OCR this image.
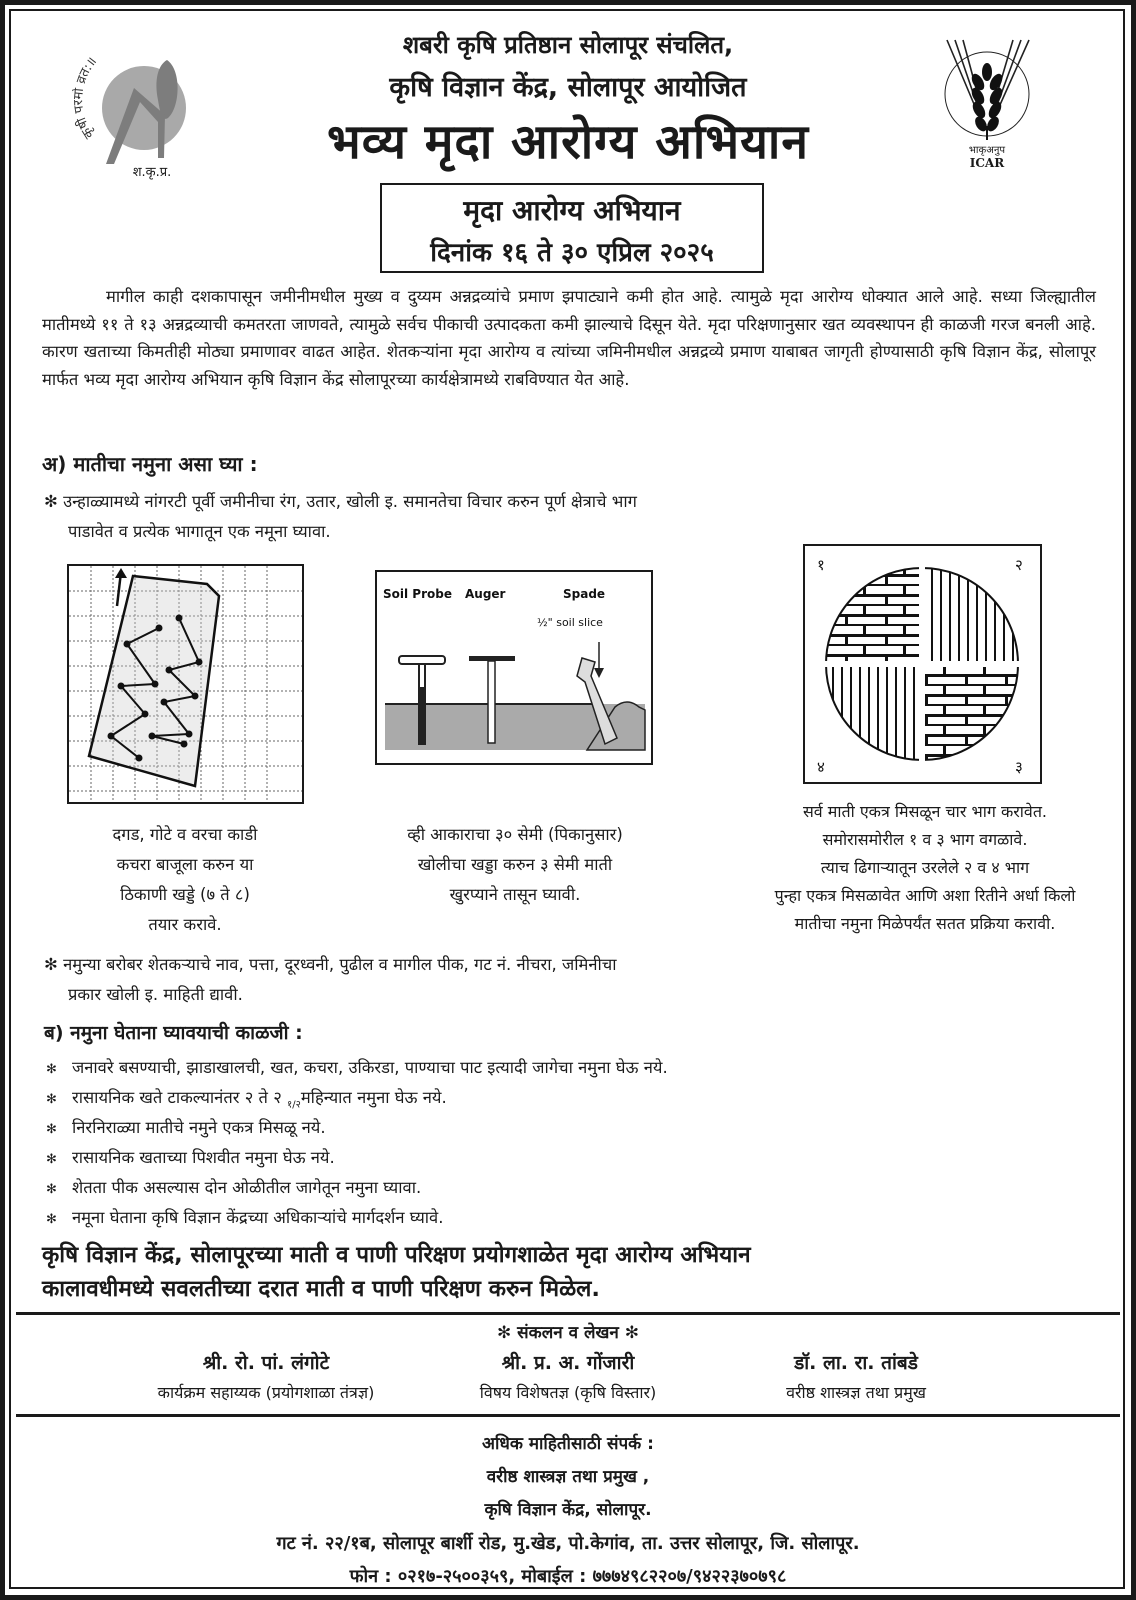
कृषी परमो व्रत:॥
श.कृ.प्र.
भाकृअनुप
ICAR
शबरी कृषि प्रतिष्ठान सोलापूर संचलित,
कृषि विज्ञान केंद्र, सोलापूर आयोजित
भव्य मृदा आरोग्य अभियान
मृदा आरोग्य अभियान
दिनांक १६ ते ३० एप्रिल २०२५
मागील काही दशकापासून जमीनीमधील मुख्य व दुय्यम अन्नद्रव्यांचे प्रमाण झपाट्याने कमी होत आहे. त्यामुळे मृदा आरोग्य धोक्यात आले आहे. सध्या जिल्ह्यातील मातीमध्ये ११ ते १३ अन्नद्रव्याची कमतरता जाणवते, त्यामुळे सर्वच पीकाची उत्पादकता कमी झाल्याचे दिसून येते. मृदा परिक्षणानुसार खत व्यवस्थापन ही काळजी गरज बनली आहे. कारण खताच्या किमतीही मोठ्या प्रमाणावर वाढत आहेत. शेतकऱ्यांना मृदा आरोग्य व त्यांच्या जमिनीमधील अन्नद्रव्ये प्रमाण याबाबत जागृती होण्यासाठी कृषि विज्ञान केंद्र, सोलापूर मार्फत भव्य मृदा आरोग्य अभियान कृषि विज्ञान केंद्र सोलापूरच्या कार्यक्षेत्रामध्ये राबविण्यात येत आहे.
अ) मातीचा नमुना असा घ्या :
✻ उन्हाळ्यामध्ये नांगरटी पूर्वी जमीनीचा रंग, उतार, खोली इ. समानतेचा विचार करुन पूर्ण क्षेत्राचे भाग
पाडावेत व प्रत्येक भागातून एक नमूना घ्यावा.
Soil Probe Auger	Spade
½" soil slice
१	२
३
४
दगड, गोटे व वरचा काडी
कचरा बाजूला करुन या
ठिकाणी खड्डे (७ ते ८)
तयार करावे.
व्ही आकाराचा ३० सेमी (पिकानुसार)
खोलीचा खड्डा करुन ३ सेमी माती
खुरप्याने तासून घ्यावी.
सर्व माती एकत्र मिसळून चार भाग करावेत.
समोरासमोरील १ व ३ भाग वगळावे.
त्याच ढिगाऱ्यातून उरलेले २ व ४ भाग
पुन्हा एकत्र मिसळावेत आणि अशा रितीने अर्धा किलो
मातीचा नमुना मिळेपर्यंत सतत प्रक्रिया करावी.
✻ नमुन्या बरोबर शेतकऱ्याचे नाव, पत्ता, दूरध्वनी, पुढील व मागील पीक, गट नं. नीचरा, जमिनीचा
प्रकार खोली इ. माहिती द्यावी.
ब) नमुना घेताना घ्यावयाची काळजी :
✻ जनावरे बसण्याची, झाडाखालची, खत, कचरा, उकिरडा, पाण्याचा पाट इत्यादी जागेचा नमुना घेऊ नये.
✻ रासायनिक खते टाकल्यानंतर २ ते २ $_{१/२}$महिन्यात नमुना घेऊ नये.
✻ निरनिराळ्या मातीचे नमुने एकत्र मिसळू नये.
✻ रासायनिक खताच्या पिशवीत नमुना घेऊ नये.
✻ शेतता पीक असल्यास दोन ओळीतील जागेतून नमुना घ्यावा.
✻ नमूना घेताना कृषि विज्ञान केंद्रच्या अधिकाऱ्यांचे मार्गदर्शन घ्यावे.
कृषि विज्ञान केंद्र, सोलापूरच्या माती व पाणी परिक्षण प्रयोगशाळेत मृदा आरोग्य अभियान
कालावधीमध्ये सवलतीच्या दरात माती व पाणी परिक्षण करुन मिळेल.
✻ संकलन व लेखन ✻
श्री. रो. पां. लंगोटे
कार्यक्रम सहाय्यक (प्रयोगशाळा तंत्रज्ञ)
श्री. प्र. अ. गोंजारी
विषय विशेषतज्ञ (कृषि विस्तार)
डॉ. ला. रा. तांबडे
वरीष्ठ शास्त्रज्ञ तथा प्रमुख
अधिक माहितीसाठी संपर्क :
वरीष्ठ शास्त्रज्ञ तथा प्रमुख ,
कृषि विज्ञान केंद्र, सोलापूर.
गट नं. २२/१ब, सोलापूर बार्शी रोड, मु.खेड, पो.केगांव, ता. उत्तर सोलापूर, जि. सोलापूर.
फोन : ०२१७-२५००३५९, मोबाईल : ७७७४९८२२०७/९४२२३७०७९८
